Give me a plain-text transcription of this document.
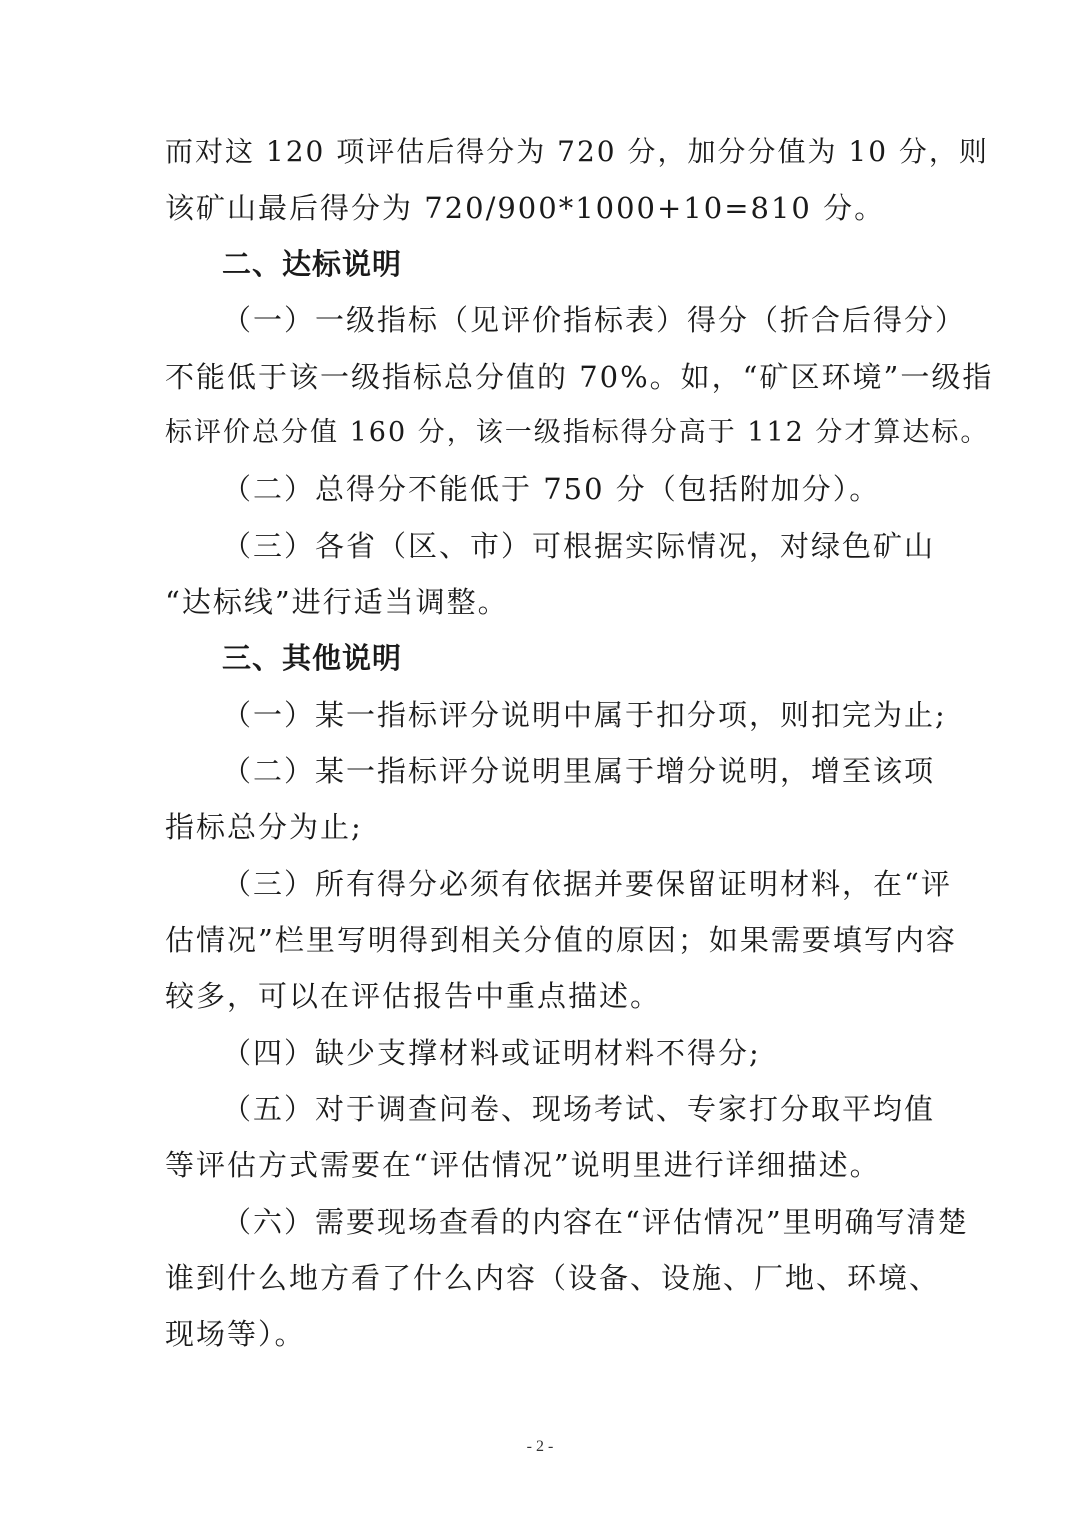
而对这 120 项评估后得分为 720 分，加分分值为 10 分，则
该矿山最后得分为 720/900*1000+10=810 分。
二、达标说明
（一）一级指标（见评价指标表）得分（折合后得分）
不能低于该一级指标总分值的 70%。如，“矿区环境”一级指
标评价总分值 160 分，该一级指标得分高于 112 分才算达标。
（二）总得分不能低于 750 分（包括附加分）。
（三）各省（区、市）可根据实际情况，对绿色矿山
“达标线”进行适当调整。
三、其他说明
（一）某一指标评分说明中属于扣分项，则扣完为止;
（二）某一指标评分说明里属于增分说明，增至该项
指标总分为止;
（三）所有得分必须有依据并要保留证明材料，在“评
估情况”栏里写明得到相关分值的原因；如果需要填写内容
较多，可以在评估报告中重点描述。
（四）缺少支撑材料或证明材料不得分;
（五）对于调查问卷、现场考试、专家打分取平均值
等评估方式需要在“评估情况”说明里进行详细描述。
（六）需要现场查看的内容在“评估情况”里明确写清楚
谁到什么地方看了什么内容（设备、设施、厂地、环境、
现场等）。
- 2 -
